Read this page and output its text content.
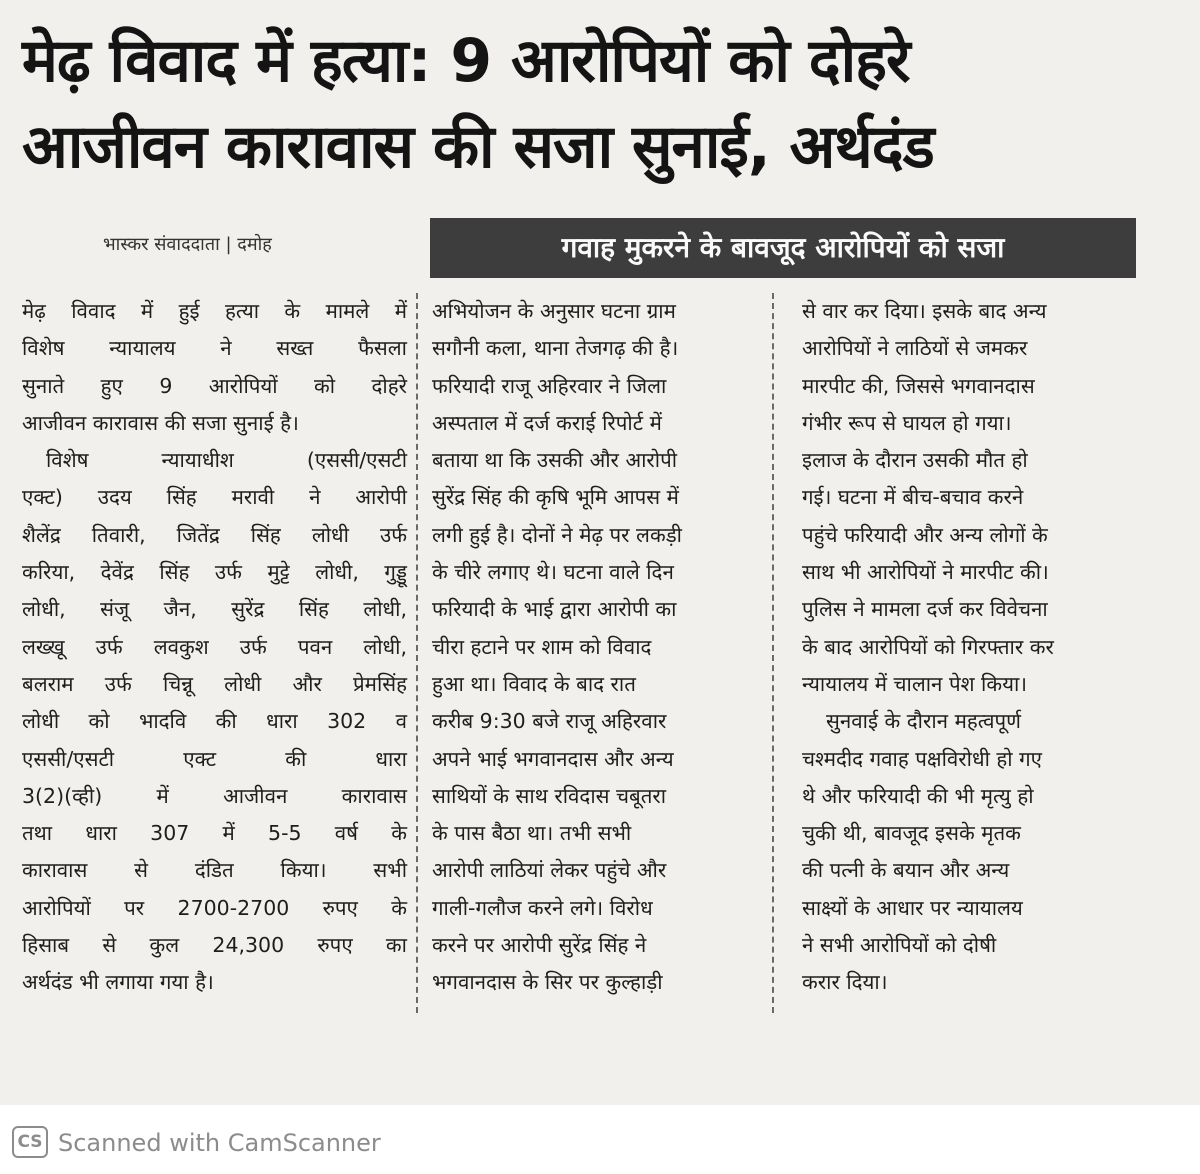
मेढ़ विवाद में हत्या: 9 आरोपियों को दोहरे
आजीवन कारावास की सजा सुनाई, अर्थदंड
भास्कर संवाददाता | दमोह	गवाह मुकरने के बावजूद आरोपियों को सजा

मेढ़ विवाद में हुई हत्या के मामले में
विशेष न्यायालय ने सख्त फैसला
सुनाते हुए 9 आरोपियों को दोहरे
आजीवन कारावास की सजा सुनाई है।

विशेष न्यायाधीश (एससी/एसटी
एक्ट) उदय सिंह मरावी ने आरोपी
शैलेंद्र तिवारी, जितेंद्र सिंह लोधी उर्फ
करिया, देवेंद्र सिंह उर्फ मुट्टे लोधी, गुड्डू
लोधी, संजू जैन, सुरेंद्र सिंह लोधी,
लख्खू उर्फ लवकुश उर्फ पवन लोधी,
बलराम उर्फ चिन्नू लोधी और प्रेमसिंह
लोधी को भादवि की धारा 302 व
एससी/एसटी एक्ट की धारा
3(2)(व्ही) में आजीवन कारावास
तथा धारा 307 में 5-5 वर्ष के
कारावास से दंडित किया। सभी
आरोपियों पर 2700-2700 रुपए के
हिसाब से कुल 24,300 रुपए का
अर्थदंड भी लगाया गया है।

अभियोजन के अनुसार घटना ग्राम
सगौनी कला, थाना तेजगढ़ की है।
फरियादी राजू अहिरवार ने जिला
अस्पताल में दर्ज कराई रिपोर्ट में
बताया था कि उसकी और आरोपी
सुरेंद्र सिंह की कृषि भूमि आपस में
लगी हुई है। दोनों ने मेढ़ पर लकड़ी
के चीरे लगाए थे। घटना वाले दिन
फरियादी के भाई द्वारा आरोपी का
चीरा हटाने पर शाम को विवाद
हुआ था। विवाद के बाद रात
करीब 9:30 बजे राजू अहिरवार
अपने भाई भगवानदास और अन्य
साथियों के साथ रविदास चबूतरा
के पास बैठा था। तभी सभी
आरोपी लाठियां लेकर पहुंचे और
गाली-गलौज करने लगे। विरोध
करने पर आरोपी सुरेंद्र सिंह ने
भगवानदास के सिर पर कुल्हाड़ी

से वार कर दिया। इसके बाद अन्य
आरोपियों ने लाठियों से जमकर
मारपीट की, जिससे भगवानदास
गंभीर रूप से घायल हो गया।
इलाज के दौरान उसकी मौत हो
गई। घटना में बीच-बचाव करने
पहुंचे फरियादी और अन्य लोगों के
साथ भी आरोपियों ने मारपीट की।
पुलिस ने मामला दर्ज कर विवेचना
के बाद आरोपियों को गिरफ्तार कर
न्यायालय में चालान पेश किया।

सुनवाई के दौरान महत्वपूर्ण
चश्मदीद गवाह पक्षविरोधी हो गए
थे और फरियादी की भी मृत्यु हो
चुकी थी, बावजूद इसके मृतक
की पत्नी के बयान और अन्य
साक्ष्यों के आधार पर न्यायालय
ने सभी आरोपियों को दोषी
करार दिया।

CS Scanned with CamScanner
